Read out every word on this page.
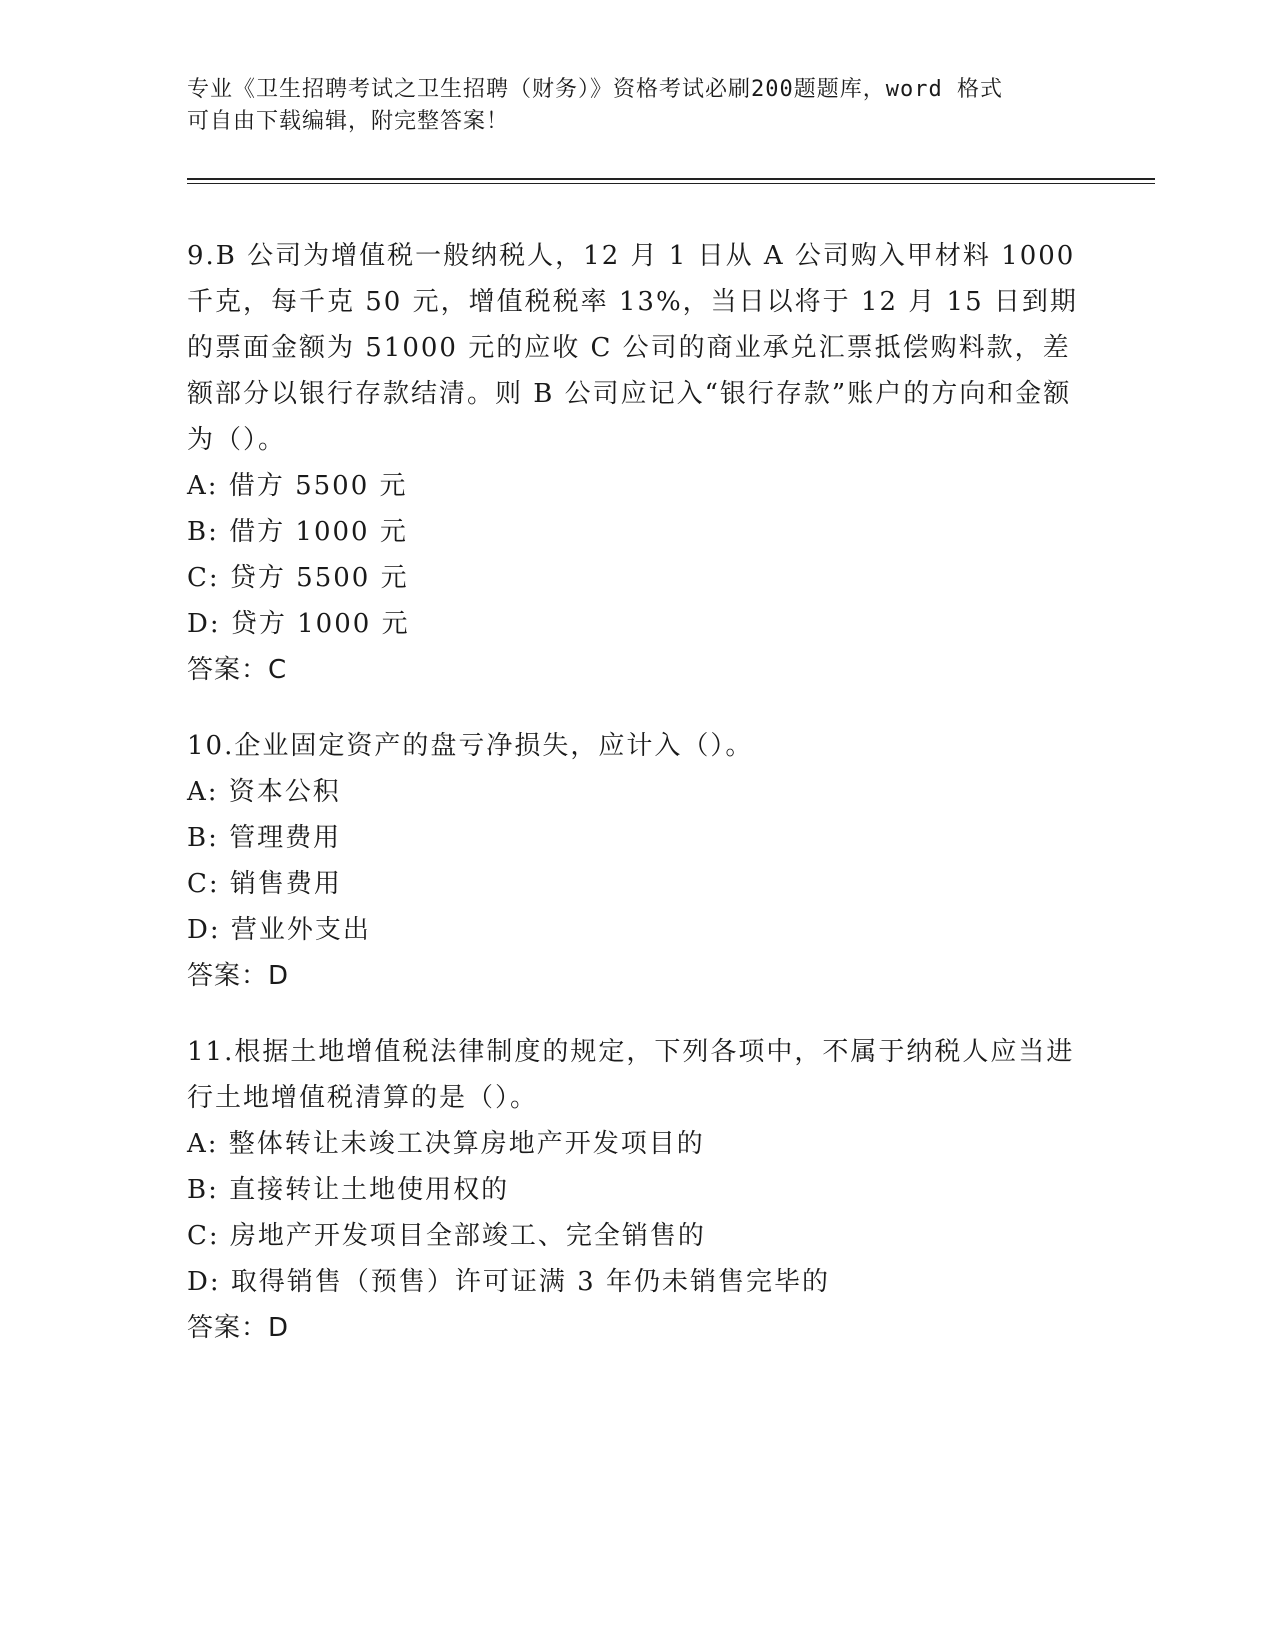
专业《卫生招聘考试之卫生招聘（财务）》资格考试必刷200题题库，word 格式
可自由下载编辑，附完整答案！
9.B 公司为增值税一般纳税人，12 月 1 日从 A 公司购入甲材料 1000 千克，每千克 50 元，增值税税率 13%，当日以将于 12 月 15 日到期的票面金额为 51000 元的应收 C 公司的商业承兑汇票抵偿购料款，差额部分以银行存款结清。则 B 公司应记入“银行存款”账户的方向和金额为（）。
A: 借方 5500 元
B: 借方 1000 元
C: 贷方 5500 元
D: 贷方 1000 元
答案：C
10.企业固定资产的盘亏净损失，应计入（）。
A: 资本公积
B: 管理费用
C: 销售费用
D: 营业外支出
答案：D
11.根据土地增值税法律制度的规定，下列各项中，不属于纳税人应当进行土地增值税清算的是（）。
A: 整体转让未竣工决算房地产开发项目的
B: 直接转让土地使用权的
C: 房地产开发项目全部竣工、完全销售的
D: 取得销售（预售）许可证满 3 年仍未销售完毕的
答案：D
